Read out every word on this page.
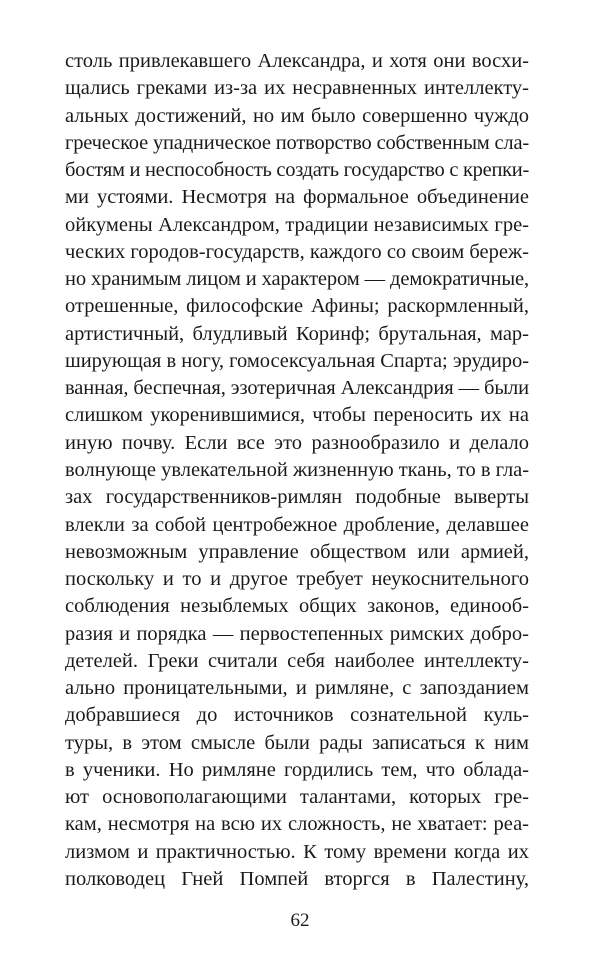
столь привлекавшего Александра, и хотя они восхи-
щались греками из-за их несравненных интеллекту-
альных достижений, но им было совершенно чуждо
греческое упадническое потворство собственным сла-
бостям и неспособность создать государство с крепки-
ми устоями. Несмотря на формальное объединение
ойкумены Александром, традиции независимых гре-
ческих городов-государств, каждого со своим береж-
но хранимым лицом и характером — демократичные,
отрешенные, философские Афины; раскормленный,
артистичный, блудливый Коринф; брутальная, мар-
ширующая в ногу, гомосексуальная Спарта; эрудиро-
ванная, беспечная, эзотеричная Александрия — были
слишком укоренившимися, чтобы переносить их на
иную почву. Если все это разнообразило и делало
волнующе увлекательной жизненную ткань, то в гла-
зах государственников-римлян подобные выверты
влекли за собой центробежное дробление, делавшее
невозможным управление обществом или армией,
поскольку и то и другое требует неукоснительного
соблюдения незыблемых общих законов, единооб-
разия и порядка — первостепенных римских добро-
детелей. Греки считали себя наиболее интеллекту-
ально проницательными, и римляне, с запозданием
добравшиеся до источников сознательной куль-
туры, в этом смысле были рады записаться к ним
в ученики. Но римляне гордились тем, что облада-
ют основополагающими талантами, которых гре-
кам, несмотря на всю их сложность, не хватает: реа-
лизмом и практичностью. К тому времени когда их
полководец Гней Помпей вторгся в Палестину,
62
